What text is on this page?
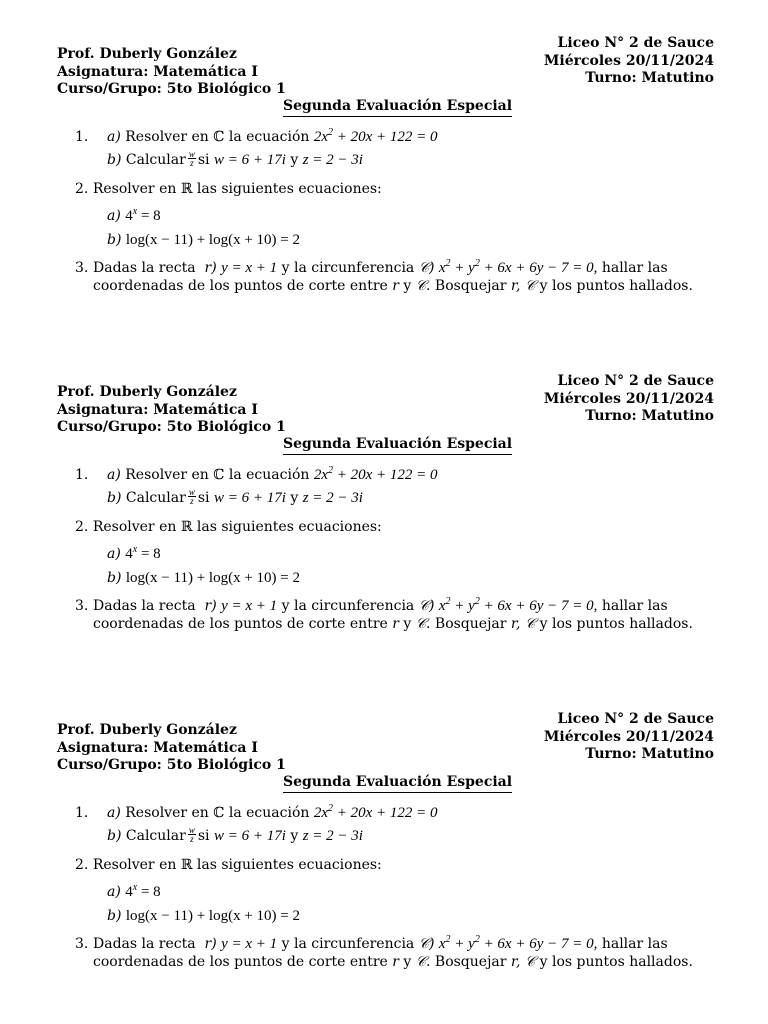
Prof. Duberly González
Asignatura: Matemática I
Curso/Grupo: 5to Biológico 1
Liceo N° 2 de Sauce
Miércoles 20/11/2024
Turno: Matutino
Segunda Evaluación Especial
1. a) Resolver en ℂ la ecuación $2x^2 + 20x + 122 = 0$
b) Calcular $\frac{w}{z}$ si w = 6 + 17i y z = 2 − 3i
2. Resolver en ℝ las siguientes ecuaciones:
a) $4^x = 8$
b) log(x − 11) + log(x + 10) = 2
3. Dadas la recta r) y = x + 1 y la circunferencia 𝒞) $x^2 + y^2 + 6x + 6y - 7 = 0$, hallar las
coordenadas de los puntos de corte entre r y 𝒞. Bosquejar r, 𝒞 y los puntos hallados.
Prof. Duberly González
Asignatura: Matemática I
Curso/Grupo: 5to Biológico 1
Liceo N° 2 de Sauce
Miércoles 20/11/2024
Turno: Matutino
Segunda Evaluación Especial
1. a) Resolver en ℂ la ecuación $2x^2 + 20x + 122 = 0$
b) Calcular $\frac{w}{z}$ si w = 6 + 17i y z = 2 − 3i
2. Resolver en ℝ las siguientes ecuaciones:
a) $4^x = 8$
b) log(x − 11) + log(x + 10) = 2
3. Dadas la recta r) y = x + 1 y la circunferencia 𝒞) $x^2 + y^2 + 6x + 6y - 7 = 0$, hallar las
coordenadas de los puntos de corte entre r y 𝒞. Bosquejar r, 𝒞 y los puntos hallados.
Prof. Duberly González
Asignatura: Matemática I
Curso/Grupo: 5to Biológico 1
Liceo N° 2 de Sauce
Miércoles 20/11/2024
Turno: Matutino
Segunda Evaluación Especial
1. a) Resolver en ℂ la ecuación $2x^2 + 20x + 122 = 0$
b) Calcular $\frac{w}{z}$ si w = 6 + 17i y z = 2 − 3i
2. Resolver en ℝ las siguientes ecuaciones:
a) $4^x = 8$
b) log(x − 11) + log(x + 10) = 2
3. Dadas la recta r) y = x + 1 y la circunferencia 𝒞) $x^2 + y^2 + 6x + 6y - 7 = 0$, hallar las
coordenadas de los puntos de corte entre r y 𝒞. Bosquejar r, 𝒞 y los puntos hallados.
